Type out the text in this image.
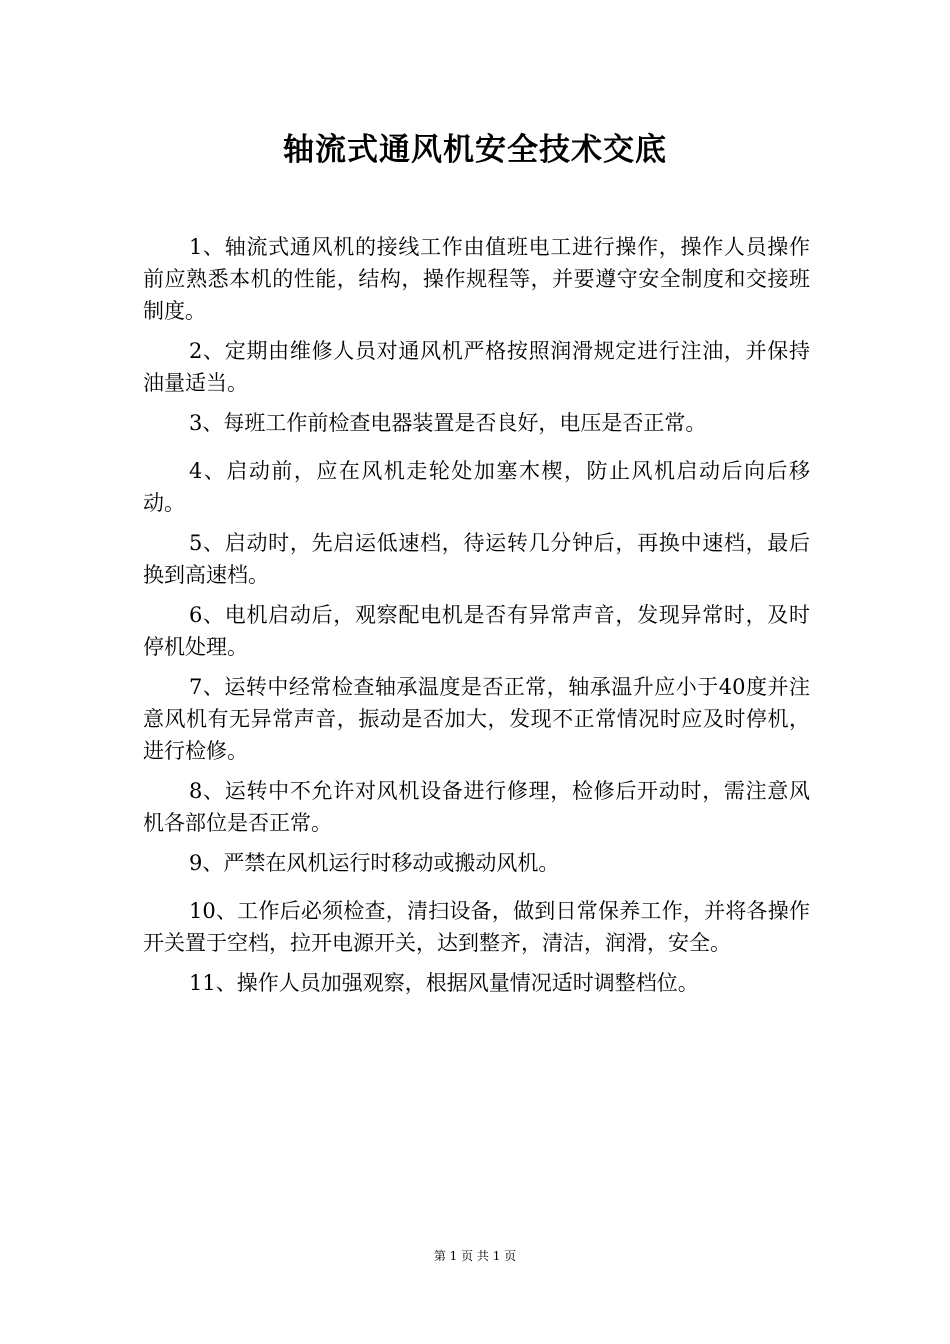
轴流式通风机安全技术交底

1、轴流式通风机的接线工作由值班电工进行操作，操作人员操作前应熟悉本机的性能，结构，操作规程等，并要遵守安全制度和交接班制度。

2、定期由维修人员对通风机严格按照润滑规定进行注油，并保持油量适当。

3、每班工作前检查电器装置是否良好，电压是否正常。

4、启动前，应在风机走轮处加塞木楔，防止风机启动后向后移动。

5、启动时，先启运低速档，待运转几分钟后，再换中速档，最后换到高速档。

6、电机启动后，观察配电机是否有异常声音，发现异常时，及时停机处理。

7、运转中经常检查轴承温度是否正常，轴承温升应小于40度并注意风机有无异常声音，振动是否加大，发现不正常情况时应及时停机，进行检修。

8、运转中不允许对风机设备进行修理，检修后开动时，需注意风机各部位是否正常。

9、严禁在风机运行时移动或搬动风机。

10、工作后必须检查，清扫设备，做到日常保养工作，并将各操作开关置于空档，拉开电源开关，达到整齐，清洁，润滑，安全。

11、操作人员加强观察，根据风量情况适时调整档位。

第 1 页 共 1 页
